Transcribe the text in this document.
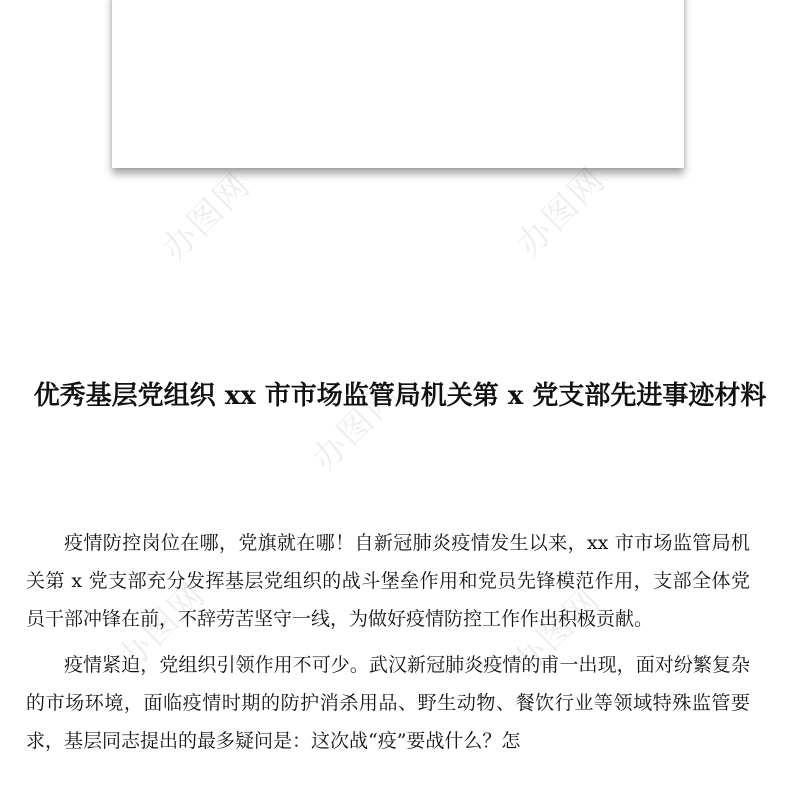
办图网	办图网
办图网
办图网	办图网
优秀基层党组织 xx 市市场监管局机关第 x 党支部先进事迹材料

疫情防控岗位在哪，党旗就在哪！自新冠肺炎疫情发生以来，xx 市市场监管局机关第 x 党支部充分发挥基层党组织的战斗堡垒作用和党员先锋模范作用，支部全体党员干部冲锋在前，不辞劳苦坚守一线，为做好疫情防控工作作出积极贡献。

疫情紧迫，党组织引领作用不可少。武汉新冠肺炎疫情的甫一出现，面对纷繁复杂的市场环境，面临疫情时期的防护消杀用品、野生动物、餐饮行业等领域特殊监管要求，基层同志提出的最多疑问是：这次战“疫”要战什么？怎
